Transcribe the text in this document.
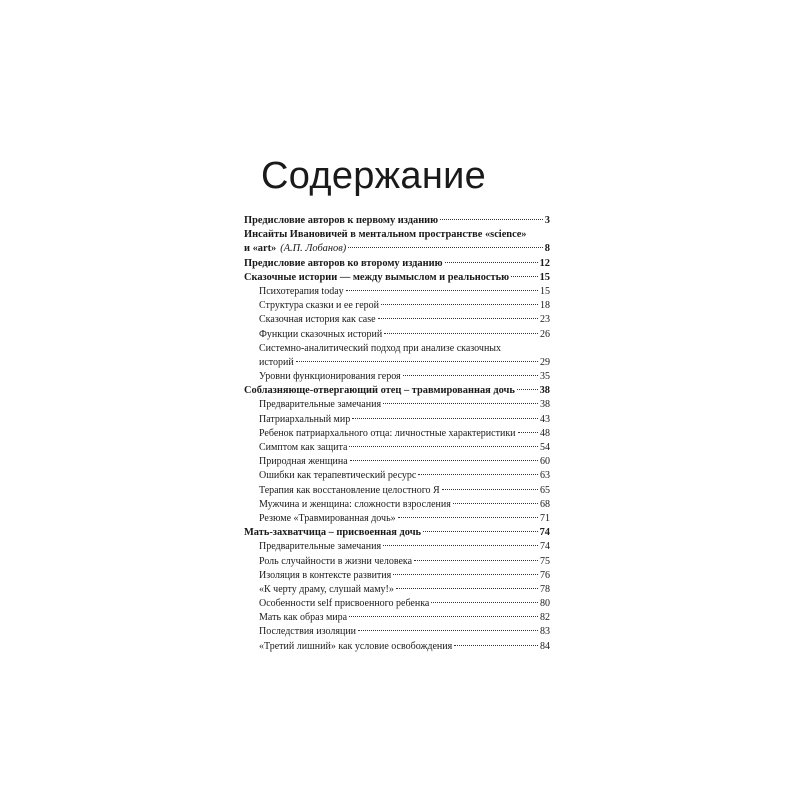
Содержание
Предисловие авторов к первому изданию	3
Инсайты Ивановичей в ментальном пространстве «science»
и «art» (А.П. Лобанов)	8
Предисловие авторов ко второму изданию	12
Сказочные истории — между вымыслом и реальностью	15
Психотерапия today	15
Структура сказки и ее герой	18
Сказочная история как case	23
Функции сказочных историй	26
Системно-аналитический подход при анализе сказочных
историй	29
Уровни функционирования героя	35
Соблазняюще-отвергающий отец – травмированная дочь 38
Предварительные замечания	38
Патриархальный мир	43
Ребенок патриархального отца: личностные характеристики 48
Симптом как защита	54
Природная женщина	60
Ошибки как терапевтический ресурс	63
Терапия как восстановление целостного Я	65
Мужчина и женщина: сложности взросления	68
Резюме «Травмированная дочь»	71
Мать-захватчица – присвоенная дочь	74
Предварительные замечания	74
Роль случайности в жизни человека	75
Изоляция в контексте развития	76
«К черту драму, слушай маму!»	78
Особенности self присвоенного ребенка	80
Мать как образ мира	82
Последствия изоляции	83
«Третий лишний» как условие освобождения	84
